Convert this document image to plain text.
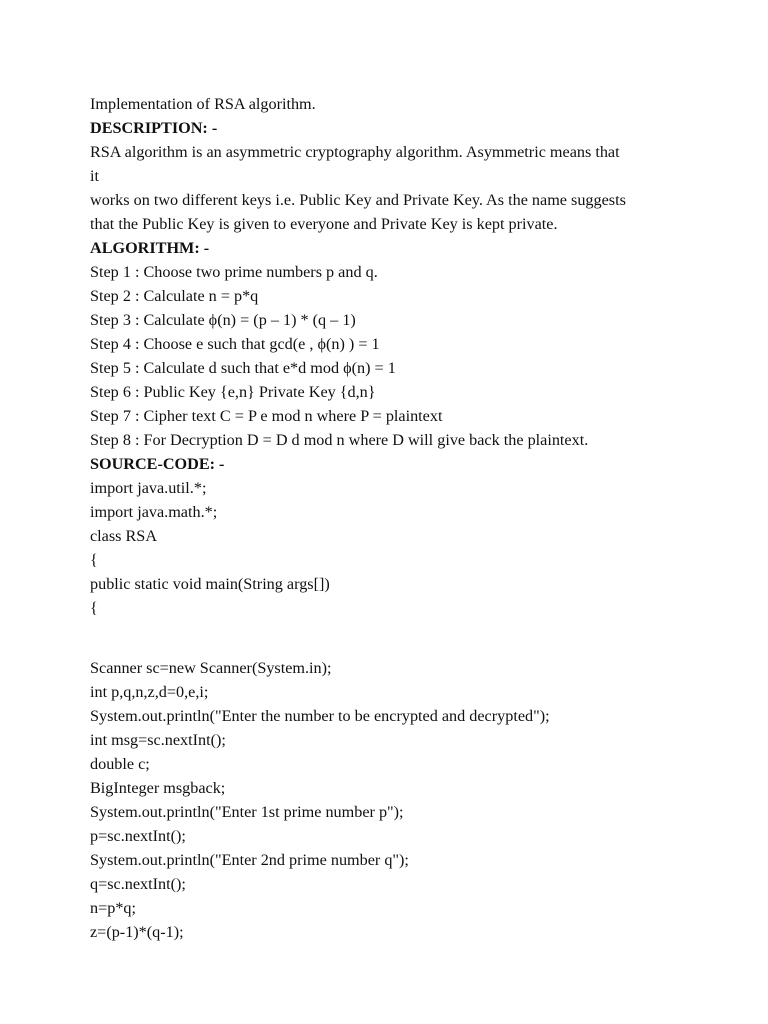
Implementation of RSA algorithm.
DESCRIPTION: -
RSA algorithm is an asymmetric cryptography algorithm. Asymmetric means that
it
works on two different keys i.e. Public Key and Private Key. As the name suggests
that the Public Key is given to everyone and Private Key is kept private.
ALGORITHM: -
Step 1 : Choose two prime numbers p and q.
Step 2 : Calculate n = p*q
Step 3 : Calculate ϕ(n) = (p – 1) * (q – 1)
Step 4 : Choose e such that gcd(e , ϕ(n) ) = 1
Step 5 : Calculate d such that e*d mod ϕ(n) = 1
Step 6 : Public Key {e,n} Private Key {d,n}
Step 7 : Cipher text C = P e mod n where P = plaintext
Step 8 : For Decryption D = D d mod n where D will give back the plaintext.
SOURCE-CODE: -
import java.util.*;
import java.math.*;
class RSA
{
public static void main(String args[])
{
Scanner sc=new Scanner(System.in);
int p,q,n,z,d=0,e,i;
System.out.println("Enter the number to be encrypted and decrypted");
int msg=sc.nextInt();
double c;
BigInteger msgback;
System.out.println("Enter 1st prime number p");
p=sc.nextInt();
System.out.println("Enter 2nd prime number q");
q=sc.nextInt();
n=p*q;
z=(p-1)*(q-1);
